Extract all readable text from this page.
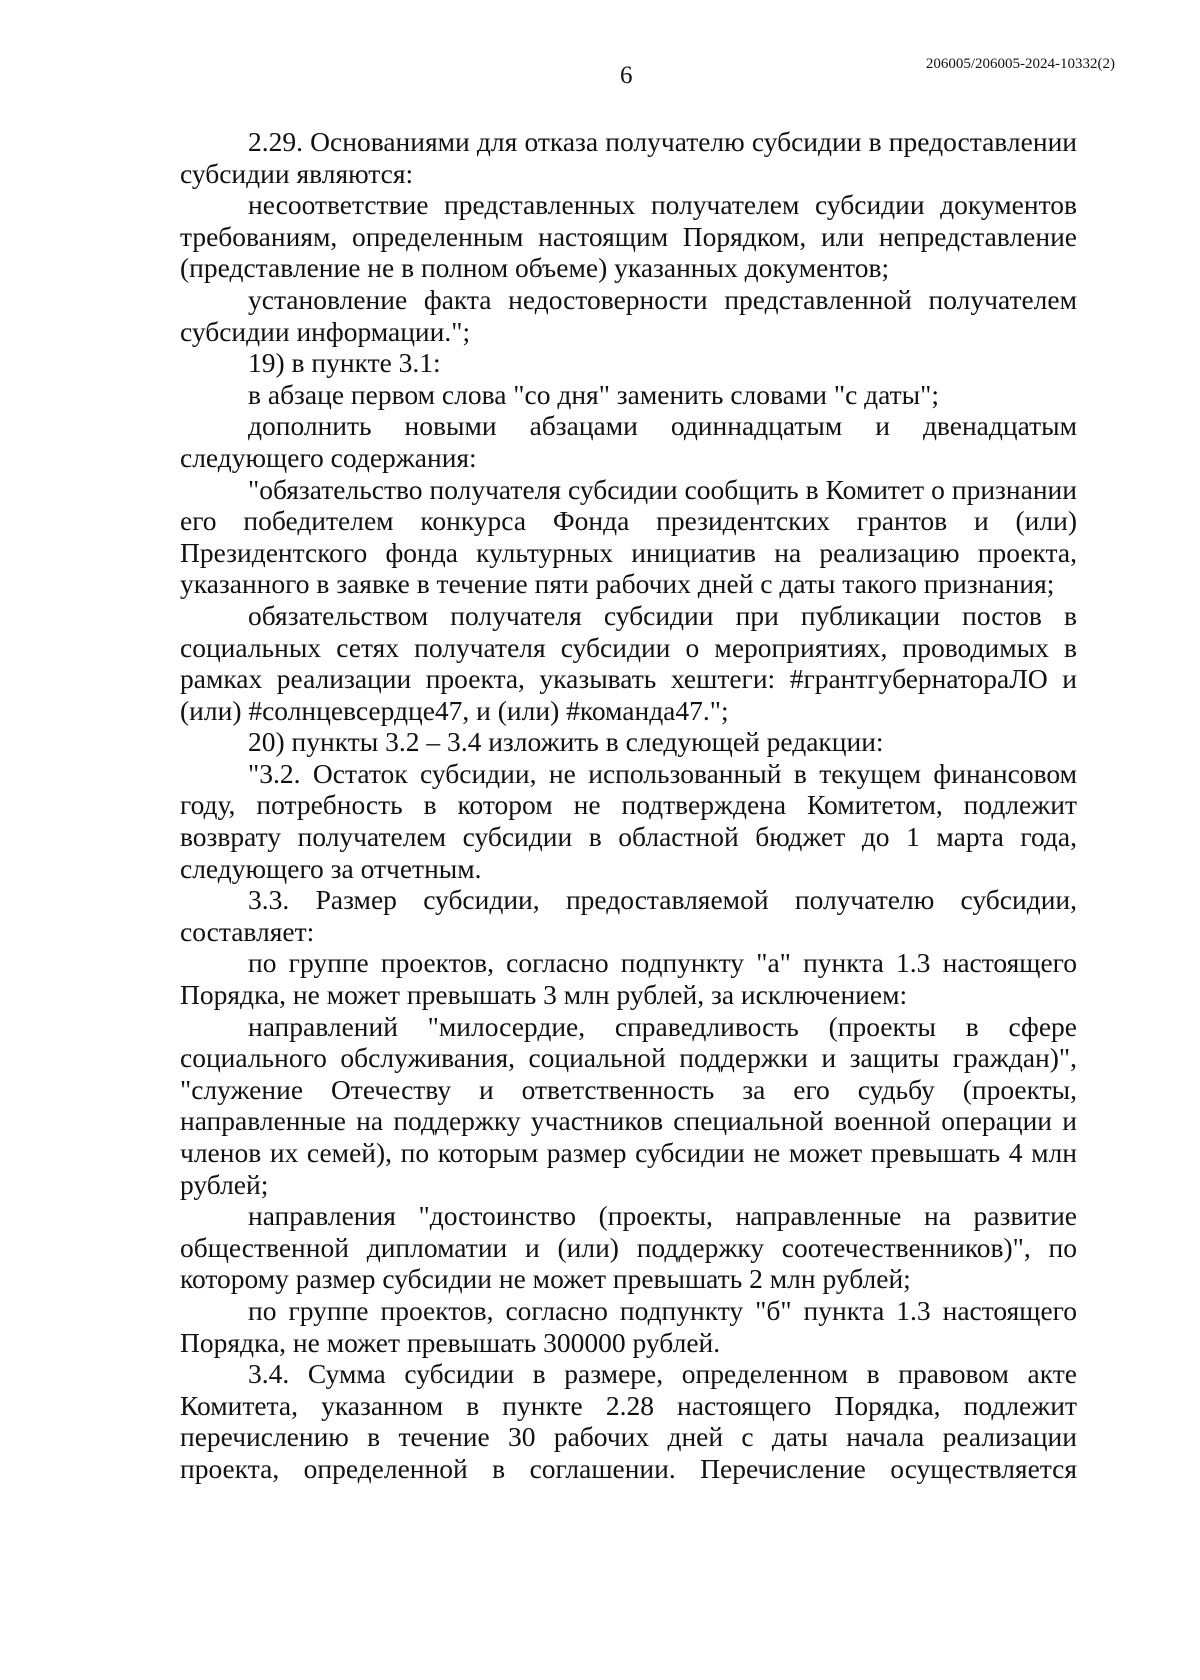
6	206005/206005-2024-10332(2)

2.29. Основаниями для отказа получателю субсидии в предоставлении субсидии являются:

несоответствие представленных получателем субсидии документов требованиям, определенным настоящим Порядком, или непредставление (представление не в полном объеме) указанных документов;

установление факта недостоверности представленной получателем субсидии информации.";

19) в пункте 3.1:

в абзаце первом слова "со дня" заменить словами "с даты";

дополнить новыми абзацами одиннадцатым и двенадцатым следующего содержания:

"обязательство получателя субсидии сообщить в Комитет о признании его победителем конкурса Фонда президентских грантов и (или) Президентского фонда культурных инициатив на реализацию проекта, указанного в заявке в течение пяти рабочих дней с даты такого признания;

обязательством получателя субсидии при публикации постов в социальных сетях получателя субсидии о мероприятиях, проводимых в рамках реализации проекта, указывать хештеги: #грантгубернатораЛО и (или) #солнцевсердце47, и (или) #команда47.";

20) пункты 3.2 – 3.4 изложить в следующей редакции:

"3.2. Остаток субсидии, не использованный в текущем финансовом году, потребность в котором не подтверждена Комитетом, подлежит возврату получателем субсидии в областной бюджет до 1 марта года, следующего за отчетным.

3.3. Размер субсидии, предоставляемой получателю субсидии, составляет:

по группе проектов, согласно подпункту "а" пункта 1.3 настоящего Порядка, не может превышать 3 млн рублей, за исключением:

направлений "милосердие, справедливость (проекты в сфере социального обслуживания, социальной поддержки и защиты граждан)", "служение Отечеству и ответственность за его судьбу (проекты, направленные на поддержку участников специальной военной операции и членов их семей), по которым размер субсидии не может превышать 4 млн рублей;

направления "достоинство (проекты, направленные на развитие общественной дипломатии и (или) поддержку соотечественников)", по которому размер субсидии не может превышать 2 млн рублей;

по группе проектов, согласно подпункту "б" пункта 1.3 настоящего Порядка, не может превышать 300000 рублей.

3.4. Сумма субсидии в размере, определенном в правовом акте Комитета, указанном в пункте 2.28 настоящего Порядка, подлежит перечислению в течение 30 рабочих дней с даты начала реализации проекта, определенной в соглашении. Перечисление осуществляется
